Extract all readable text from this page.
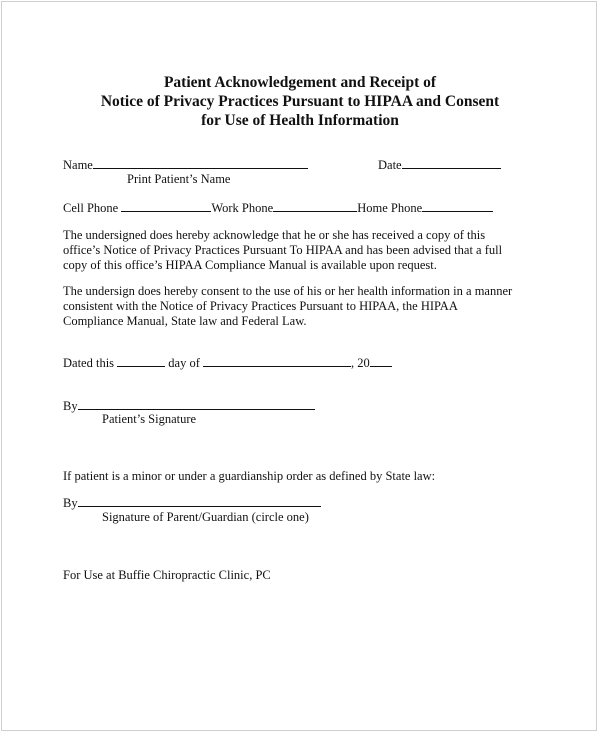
Patient Acknowledgement and Receipt of
Notice of Privacy Practices Pursuant to HIPAA and Consent
for Use of Health Information
Name	Date
Print Patient’s Name
Cell Phone	Work Phone	Home Phone
The undersigned does hereby acknowledge that he or she has received a copy of this
office’s Notice of Privacy Practices Pursuant To HIPAA and has been advised that a full
copy of this office’s HIPAA Compliance Manual is available upon request.
The undersign does hereby consent to the use of his or her health information in a manner
consistent with the Notice of Privacy Practices Pursuant to HIPAA, the HIPAA
Compliance Manual, State law and Federal Law.
Dated this	day of	, 20
By
Patient’s Signature
If patient is a minor or under a guardianship order as defined by State law:
By
Signature of Parent/Guardian (circle one)
For Use at Buffie Chiropractic Clinic, PC
